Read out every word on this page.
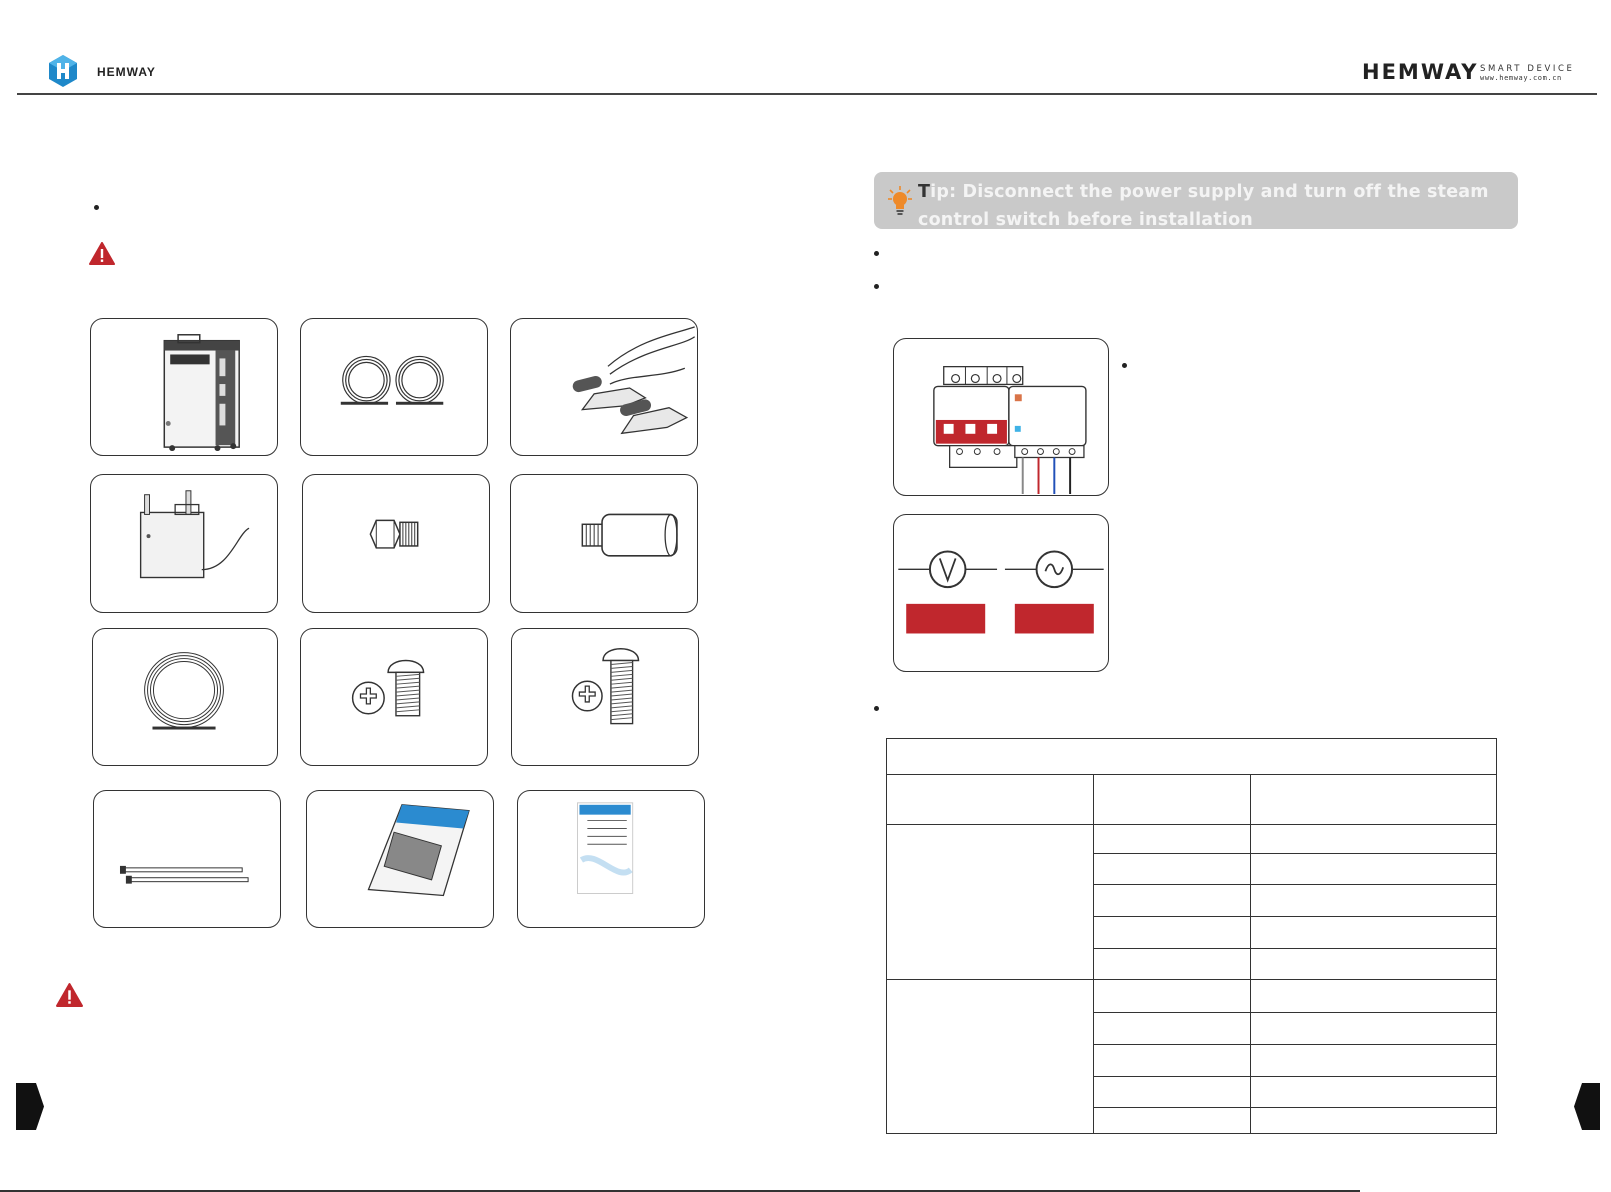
HEMWAY	HEMWAY SMART DEVICE
www.hemway.com.cn
Tip: Disconnect the power supply and turn off the steam control switch before installation
